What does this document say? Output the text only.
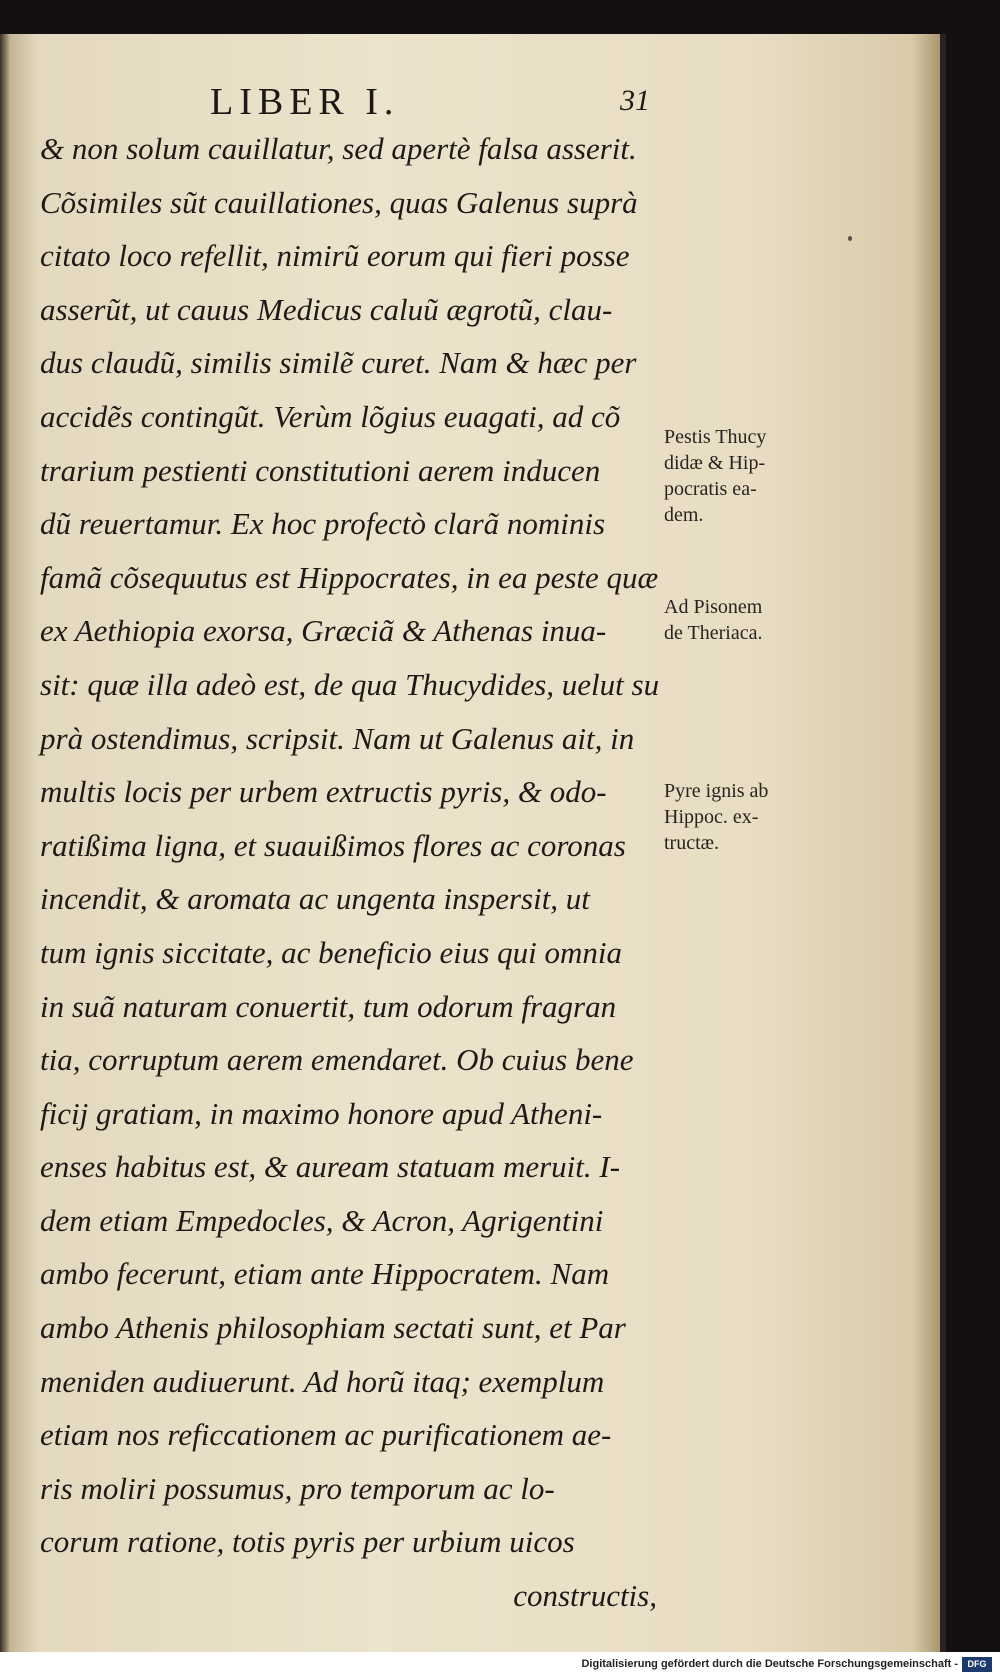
LIBER I.	31
& non solum cauillatur, sed apertè falsa asserit.
Cõsimiles sũt cauillationes, quas Galenus suprà
citato loco refellit, nimirũ eorum qui fieri posse
asserũt, ut cauus Medicus caluũ ægrotũ, clau-
dus claudũ, similis similẽ curet. Nam & hæc per
accidẽs contingũt. Verùm lõgius euagati, ad cõ
trarium pestienti constitutioni aerem inducen
dũ reuertamur. Ex hoc profectò clarã nominis
famã cõsequutus est Hippocrates, in ea peste quæ
ex Aethiopia exorsa, Græciã & Athenas inua-
sit: quæ illa adeò est, de qua Thucydides, uelut su
prà ostendimus, scripsit. Nam ut Galenus ait, in
multis locis per urbem extructis pyris, & odo-
ratißima ligna, et suauißimos flores ac coronas
incendit, & aromata ac ungenta inspersit, ut
tum ignis siccitate, ac beneficio eius qui omnia
in suã naturam conuertit, tum odorum fragran
tia, corruptum aerem emendaret. Ob cuius bene
ficij gratiam, in maximo honore apud Atheni-
enses habitus est, & auream statuam meruit. I-
dem etiam Empedocles, & Acron, Agrigentini
ambo fecerunt, etiam ante Hippocratem. Nam
ambo Athenis philosophiam sectati sunt, et Par
meniden audiuerunt. Ad horũ itaq; exemplum
etiam nos reficcationem ac purificationem ae-
ris moliri possumus, pro temporum ac lo-
corum ratione, totis pyris per urbium uicos
constructis,
Pestis Thucy
didæ & Hip-
pocratis ea-
dem.
Ad Pisonem
de Theriaca.
Pyre ignis ab
Hippoc. ex-
tructæ.
Digitalisierung gefördert durch die Deutsche Forschungsgemeinschaft -	DFG
